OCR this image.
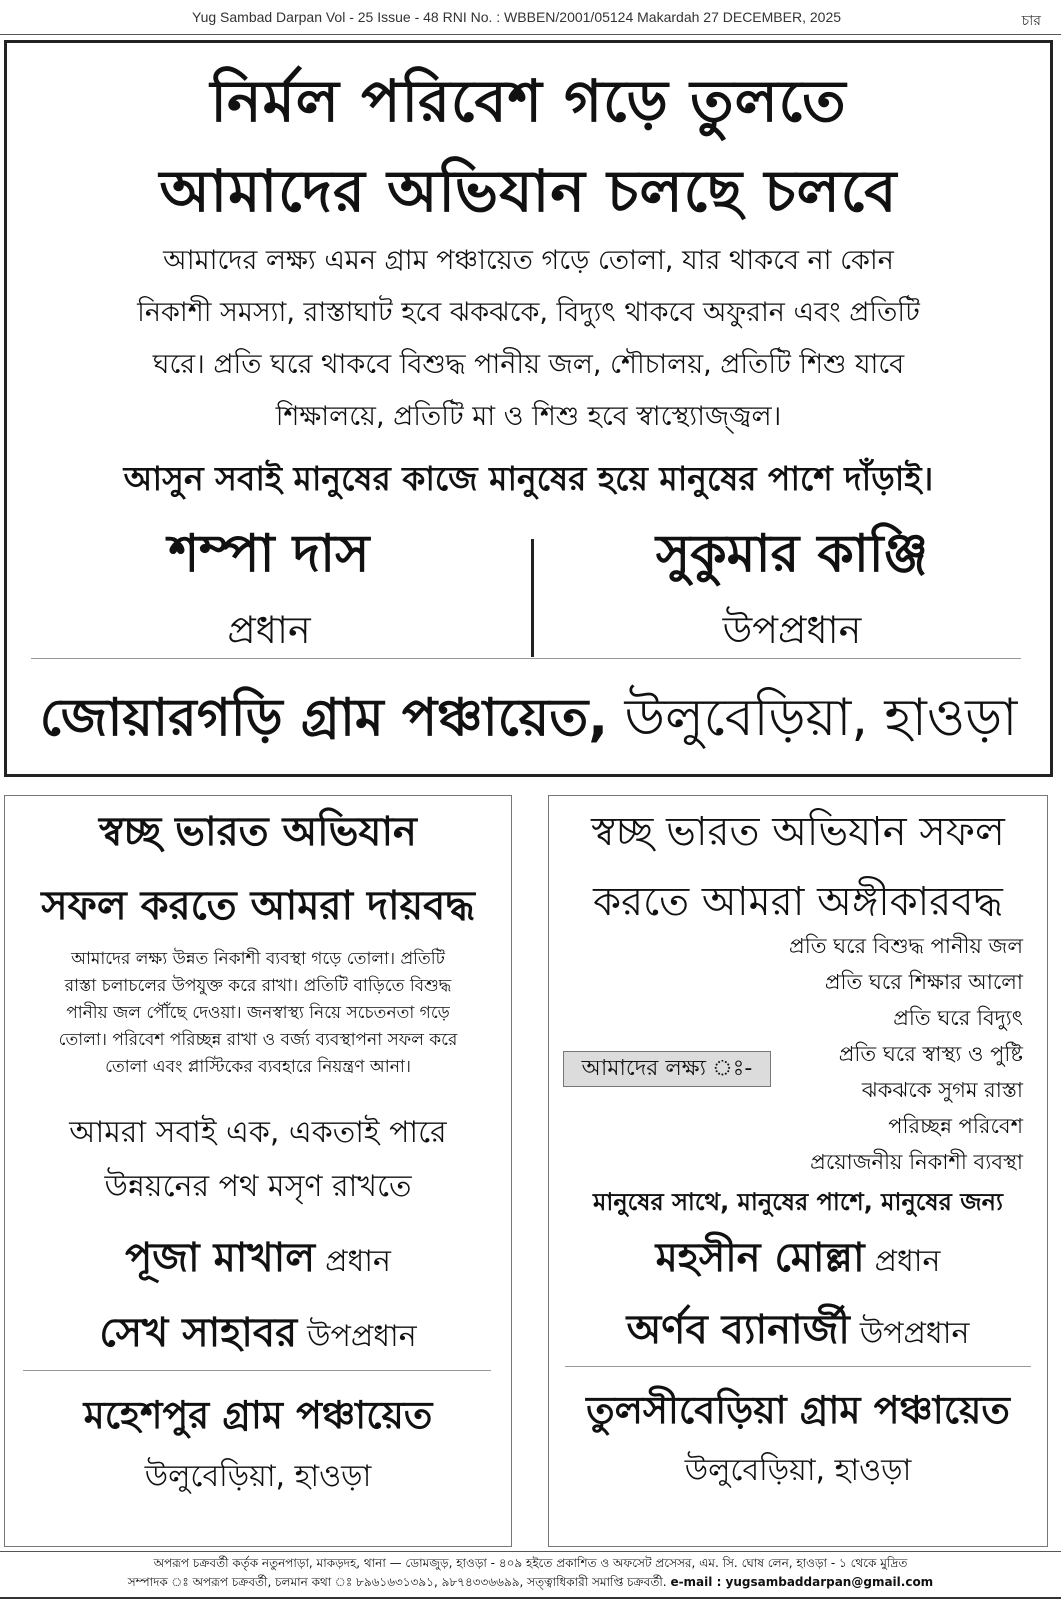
Yug Sambad Darpan Vol - 25 Issue - 48 RNI No. : WBBEN/2001/05124 Makardah 27 DECEMBER, 2025	চার
নির্মল পরিবেশ গড়ে তুলতে
আমাদের অভিযান চলছে চলবে
আমাদের লক্ষ্য এমন গ্রাম পঞ্চায়েত গড়ে তোলা, যার থাকবে না কোন
নিকাশী সমস্যা, রাস্তাঘাট হবে ঝকঝকে, বিদ্যুৎ থাকবে অফুরান এবং প্রতিটি
ঘরে। প্রতি ঘরে থাকবে বিশুদ্ধ পানীয় জল, শৌচালয়, প্রতিটি শিশু যাবে
শিক্ষালয়ে, প্রতিটি মা ও শিশু হবে স্বাস্থ্যোজ্জ্বল।
আসুন সবাই মানুষের কাজে মানুষের হয়ে মানুষের পাশে দাঁড়াই।
শম্পা দাস
প্রধান
সুকুমার কাঞ্জি
উপপ্রধান
জোয়ারগড়ি গ্রাম পঞ্চায়েত, উলুবেড়িয়া, হাওড়া
স্বচ্ছ ভারত অভিযান
সফল করতে আমরা দায়বদ্ধ
আমাদের লক্ষ্য উন্নত নিকাশী ব্যবস্থা গড়ে তোলা। প্রতিটি
রাস্তা চলাচলের উপযুক্ত করে রাখা। প্রতিটি বাড়িতে বিশুদ্ধ
পানীয় জল পৌঁছে দেওয়া। জনস্বাস্থ্য নিয়ে সচেতনতা গড়ে
তোলা। পরিবেশ পরিচ্ছন্ন রাখা ও বর্জ্য ব্যবস্থাপনা সফল করে
তোলা এবং প্লাস্টিকের ব্যবহারে নিয়ন্ত্রণ আনা।
আমরা সবাই এক, একতাই পারে
উন্নয়নের পথ মসৃণ রাখতে
পূজা মাখাল প্রধান
সেখ সাহাবর উপপ্রধান
মহেশপুর গ্রাম পঞ্চায়েত
উলুবেড়িয়া, হাওড়া
স্বচ্ছ ভারত অভিযান সফল
করতে আমরা অঙ্গীকারবদ্ধ
আমাদের লক্ষ্য ঃ-
প্রতি ঘরে বিশুদ্ধ পানীয় জল
প্রতি ঘরে শিক্ষার আলো
প্রতি ঘরে বিদ্যুৎ
প্রতি ঘরে স্বাস্থ্য ও পুষ্টি
ঝকঝকে সুগম রাস্তা
পরিচ্ছন্ন পরিবেশ
প্রয়োজনীয় নিকাশী ব্যবস্থা
মানুষের সাথে, মানুষের পাশে, মানুষের জন্য
মহসীন মোল্লা প্রধান
অর্ণব ব্যানার্জী উপপ্রধান
তুলসীবেড়িয়া গ্রাম পঞ্চায়েত
উলুবেড়িয়া, হাওড়া
অপরূপ চক্রবর্তী কর্তৃক নতুনপাড়া, মাকড়দহ, থানা — ডোমজুড়, হাওড়া - ৪০৯ হইতে প্রকাশিত ও অফসেট প্রসেসর, এম. সি. ঘোষ লেন, হাওড়া - ১ থেকে মুদ্রিত
সম্পাদক ঃ অপরূপ চক্রবর্তী, চলমান কথা ঃ ৮৯৬১৬৩১৩৯১, ৯৮৭৪৩৩৬৬৯৯, সত্ত্বাধিকারী সমাপ্তি চক্রবর্তী. e-mail : yugsambaddarpan@gmail.com
